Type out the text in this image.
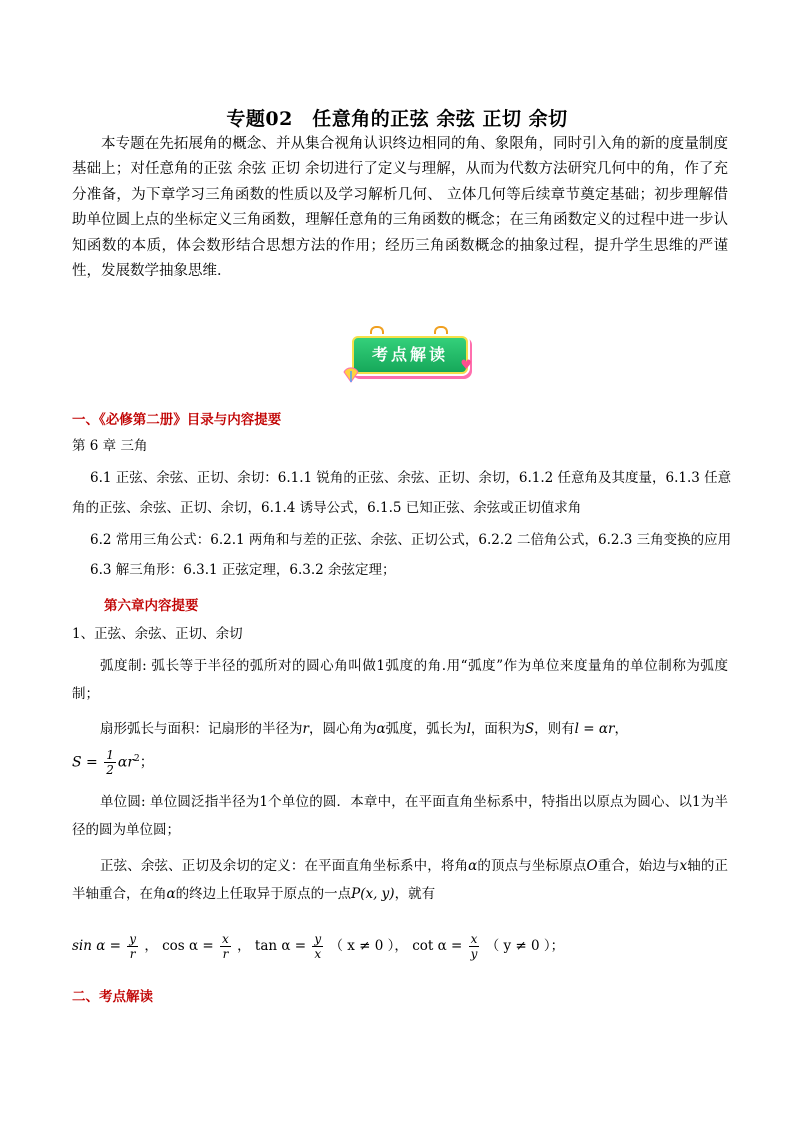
专题02　任意角的正弦 余弦 正切 余切
本专题在先拓展角的概念、并从集合视角认识终边相同的角、象限角，同时引入角的新的度量制度基础上；对任意角的正弦 余弦 正切 余切进行了定义与理解，从而为代数方法研究几何中的角，作了充分准备，为下章学习三角函数的性质以及学习解析几何、 立体几何等后续章节奠定基础；初步理解借助单位圆上点的坐标定义三角函数，理解任意角的三角函数的概念；在三角函数定义的过程中进一步认知函数的本质，体会数形结合思想方法的作用；经历三角函数概念的抽象过程，提升学生思维的严谨性，发展数学抽象思维．
考点解读
♥
一、《必修第二册》目录与内容提要
第 6 章 三角
6.1 正弦、余弦、正切、余切：6.1.1 锐角的正弦、余弦、正切、余切，6.1.2 任意角及其度量，6.1.3 任意
角的正弦、余弦、正切、余切，6.1.4 诱导公式，6.1.5 已知正弦、余弦或正切值求角
6.2 常用三角公式：6.2.1 两角和与差的正弦、余弦、正切公式，6.2.2 二倍角公式，6.2.3 三角变换的应用
6.3 解三角形：6.3.1 正弦定理，6.3.2 余弦定理；
第六章内容提要
1、正弦、余弦、正切、余切
弧度制: 弧长等于半径的弧所对的圆心角叫做1弧度的角.用“弧度”作为单位来度量角的单位制称为弧度制；
扇形弧长与面积：记扇形的半径为r，圆心角为α弧度，弧长为l，面积为S，则有l = αr，
$S = \frac{1}{2} \alpha r^2$；
单位圆: 单位圆泛指半径为1个单位的圆．本章中，在平面直角坐标系中，特指出以原点为圆心、以1为半径的圆为单位圆；
正弦、余弦、正切及余切的定义：在平面直角坐标系中，将角α的顶点与坐标原点O重合，始边与x轴的正半轴重合，在角α的终边上任取异于原点的一点P(x, y)，就有
$\sin \alpha = \frac{y}{r}$ ， $\cos \alpha = \frac{x}{r}$ ， $\tan \alpha = \frac{y}{x}$ （ x ≠ 0 ）， $\cot \alpha = \frac{x}{y}$ （ y ≠ 0 ）；
二、考点解读
